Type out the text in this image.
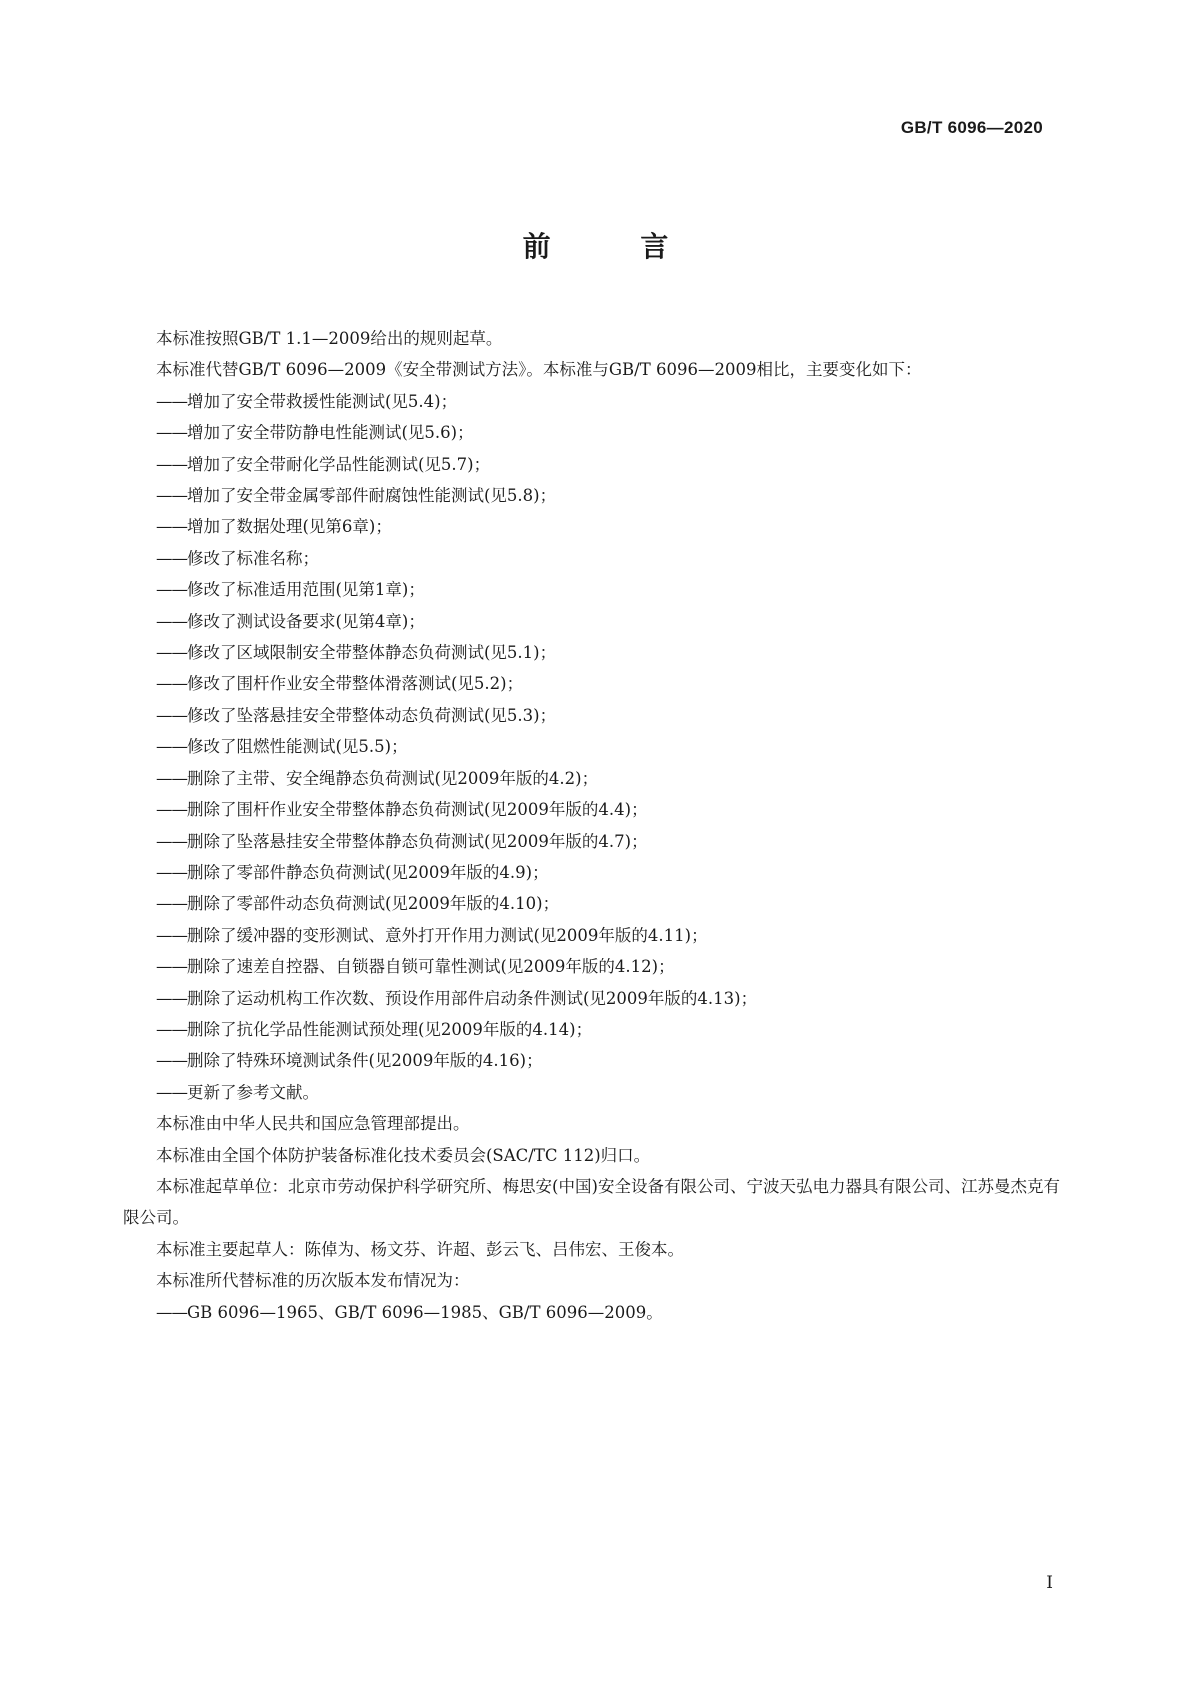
GB/T 6096—2020
前 言

本标准按照GB/T 1.1—2009给出的规则起草。

本标准代替GB/T 6096—2009《安全带测试方法》。本标准与GB/T 6096—2009相比，主要变化如下：

——增加了安全带救援性能测试(见5.4)；
——增加了安全带防静电性能测试(见5.6)；
——增加了安全带耐化学品性能测试(见5.7)；
——增加了安全带金属零部件耐腐蚀性能测试(见5.8)；
——增加了数据处理(见第6章)；
——修改了标准名称；
——修改了标准适用范围(见第1章)；
——修改了测试设备要求(见第4章)；
——修改了区域限制安全带整体静态负荷测试(见5.1)；
——修改了围杆作业安全带整体滑落测试(见5.2)；
——修改了坠落悬挂安全带整体动态负荷测试(见5.3)；
——修改了阻燃性能测试(见5.5)；
——删除了主带、安全绳静态负荷测试(见2009年版的4.2)；
——删除了围杆作业安全带整体静态负荷测试(见2009年版的4.4)；
——删除了坠落悬挂安全带整体静态负荷测试(见2009年版的4.7)；
——删除了零部件静态负荷测试(见2009年版的4.9)；
——删除了零部件动态负荷测试(见2009年版的4.10)；
——删除了缓冲器的变形测试、意外打开作用力测试(见2009年版的4.11)；
——删除了速差自控器、自锁器自锁可靠性测试(见2009年版的4.12)；
——删除了运动机构工作次数、预设作用部件启动条件测试(见2009年版的4.13)；
——删除了抗化学品性能测试预处理(见2009年版的4.14)；
——删除了特殊环境测试条件(见2009年版的4.16)；
——更新了参考文献。

本标准由中华人民共和国应急管理部提出。

本标准由全国个体防护装备标准化技术委员会(SAC/TC 112)归口。

本标准起草单位：北京市劳动保护科学研究所、梅思安(中国)安全设备有限公司、宁波天弘电力器具有限公司、江苏曼杰克有限公司。

本标准主要起草人：陈倬为、杨文芬、许超、彭云飞、吕伟宏、王俊本。

本标准所代替标准的历次版本发布情况为：

——GB 6096—1965、GB/T 6096—1985、GB/T 6096—2009。
I
